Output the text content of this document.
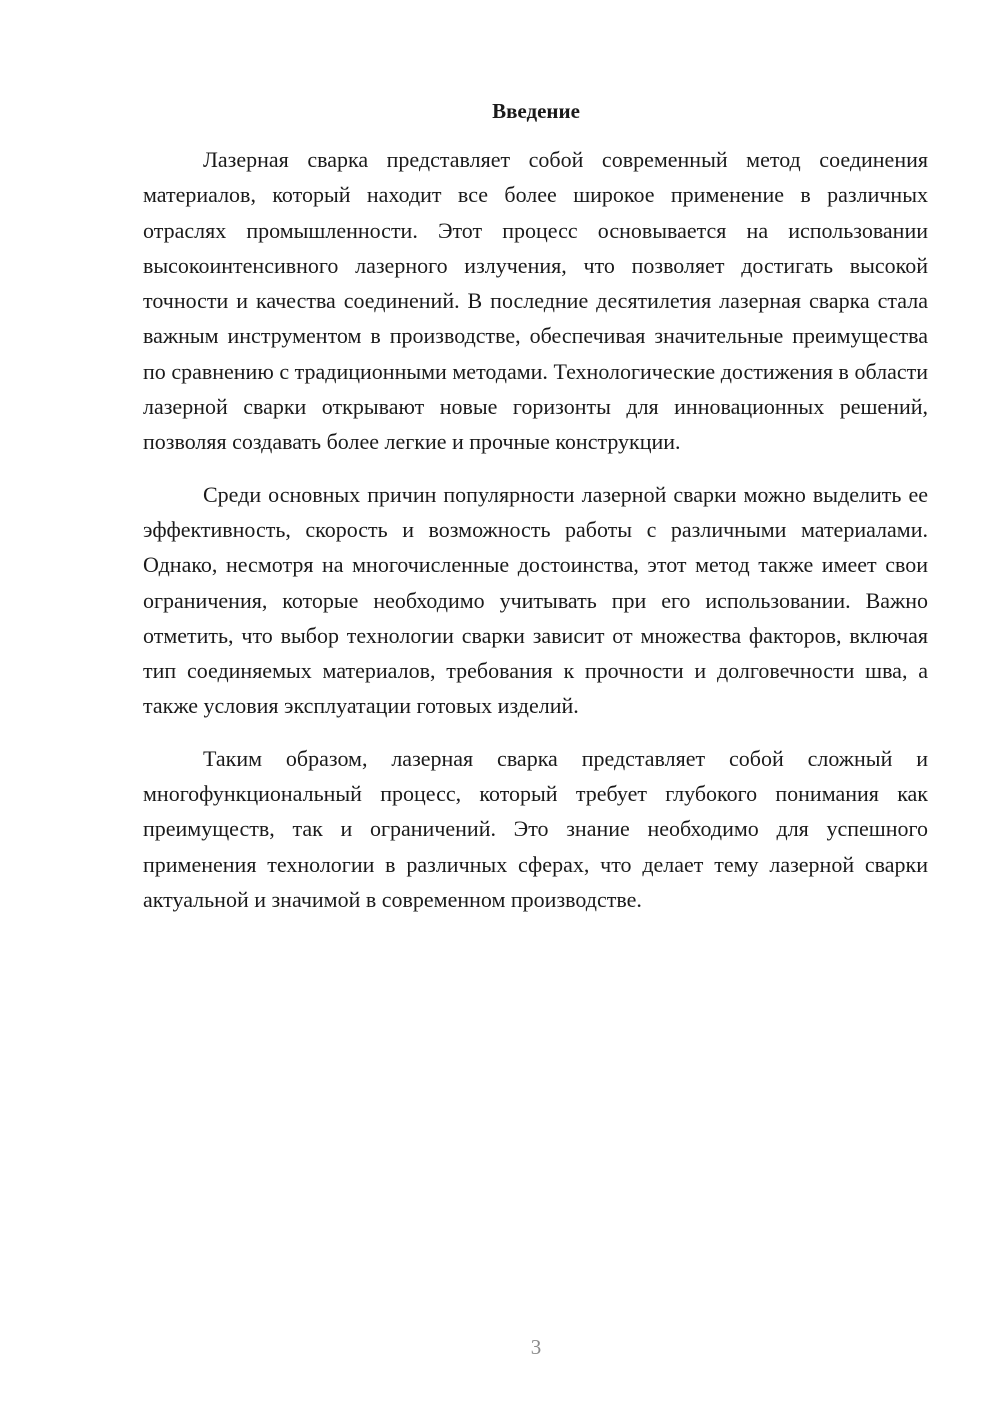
Введение

Лазерная сварка представляет собой современный метод соединения материалов, который находит все более широкое применение в различных отраслях промышленности. Этот процесс основывается на использовании высокоинтенсивного лазерного излучения, что позволяет достигать высокой точности и качества соединений. В последние десятилетия лазерная сварка стала важным инструментом в производстве, обеспечивая значительные преимущества по сравнению с традиционными методами. Технологические достижения в области лазерной сварки открывают новые горизонты для инновационных решений, позволяя создавать более легкие и прочные конструкции.

Среди основных причин популярности лазерной сварки можно выделить ее эффективность, скорость и возможность работы с различными материалами. Однако, несмотря на многочисленные достоинства, этот метод также имеет свои ограничения, которые необходимо учитывать при его использовании. Важно отметить, что выбор технологии сварки зависит от множества факторов, включая тип соединяемых материалов, требования к прочности и долговечности шва, а также условия эксплуатации готовых изделий.

Таким образом, лазерная сварка представляет собой сложный и многофункциональный процесс, который требует глубокого понимания как преимуществ, так и ограничений. Это знание необходимо для успешного применения технологии в различных сферах, что делает тему лазерной сварки актуальной и значимой в современном производстве.

3
